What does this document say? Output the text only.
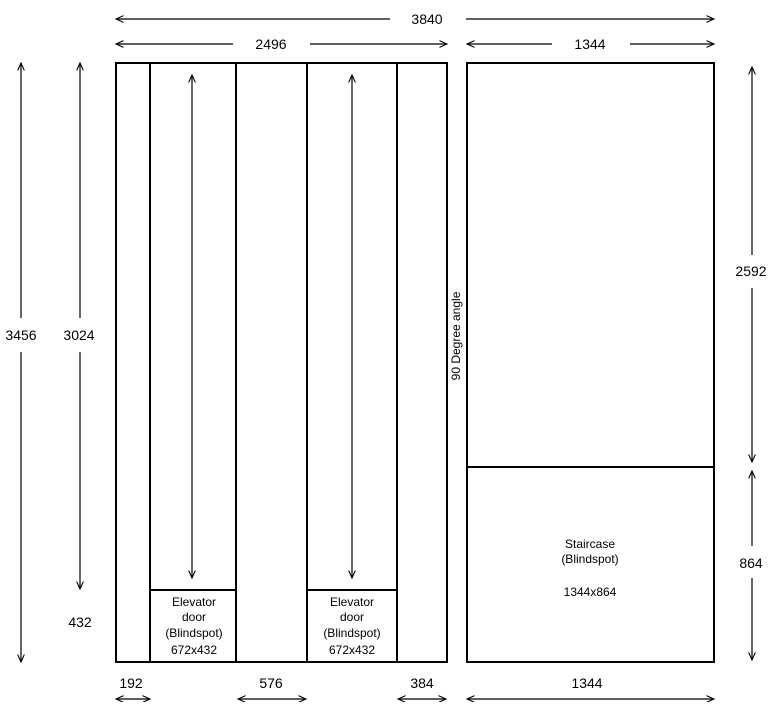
3840
2496	1344
3456 3024
432
Elevator
door
(Blindspot)
672x432
Elevator
door
(Blindspot)
672x432
90 Degree angle
Staircase
(Blindspot)
1344x864
2592
864
192	576	384	1344
